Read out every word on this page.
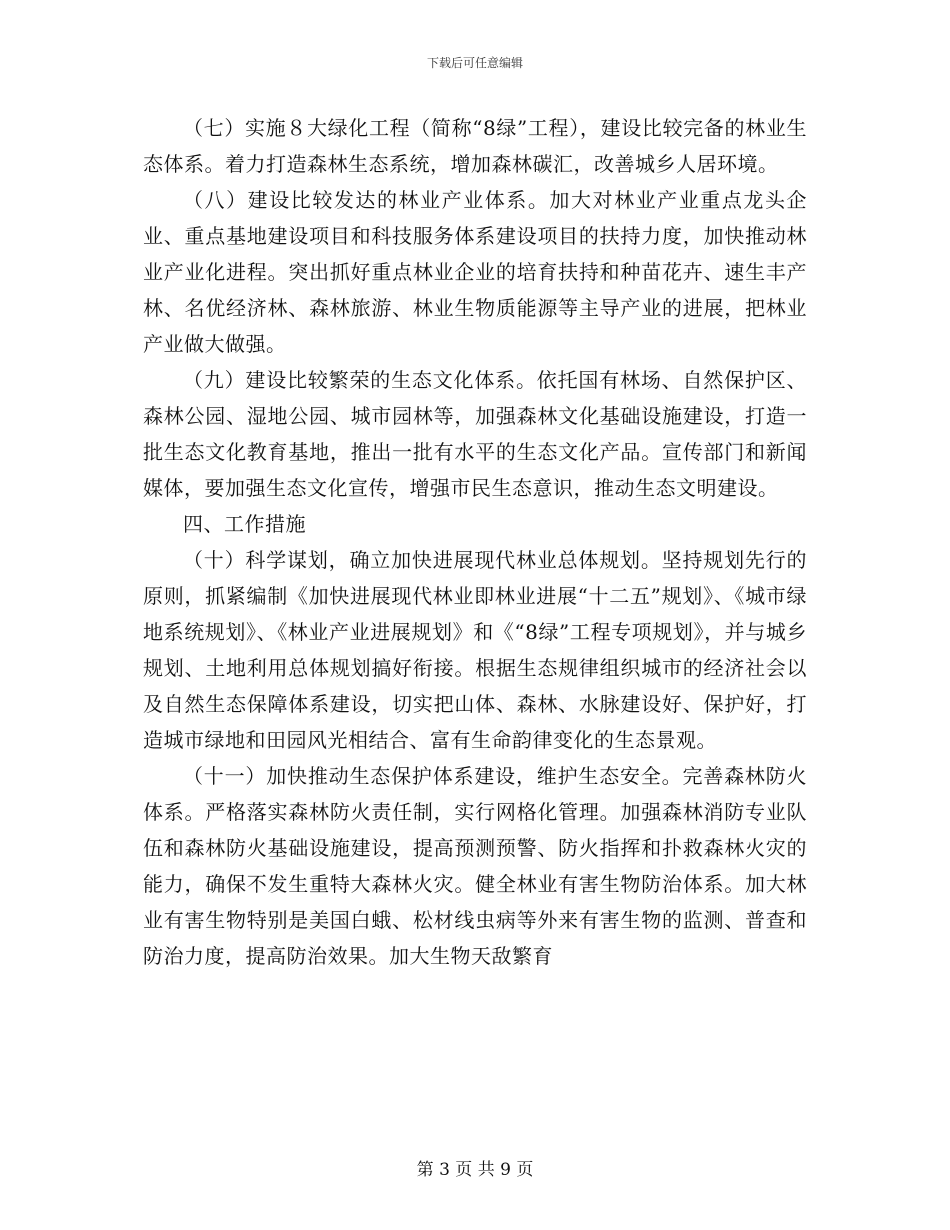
下载后可任意编辑

（七）实施８大绿化工程（简称“8绿”工程），建设比较完备的林业生态体系。着力打造森林生态系统，增加森林碳汇，改善城乡人居环境。

（八）建设比较发达的林业产业体系。加大对林业产业重点龙头企业、重点基地建设项目和科技服务体系建设项目的扶持力度，加快推动林业产业化进程。突出抓好重点林业企业的培育扶持和种苗花卉、速生丰产林、名优经济林、森林旅游、林业生物质能源等主导产业的进展，把林业产业做大做强。

（九）建设比较繁荣的生态文化体系。依托国有林场、自然保护区、森林公园、湿地公园、城市园林等，加强森林文化基础设施建设，打造一批生态文化教育基地，推出一批有水平的生态文化产品。宣传部门和新闻媒体，要加强生态文化宣传，增强市民生态意识，推动生态文明建设。

四、工作措施

（十）科学谋划，确立加快进展现代林业总体规划。坚持规划先行的原则，抓紧编制《加快进展现代林业即林业进展“十二五”规划》、《城市绿地系统规划》、《林业产业进展规划》和《“8绿”工程专项规划》，并与城乡规划、土地利用总体规划搞好衔接。根据生态规律组织城市的经济社会以及自然生态保障体系建设，切实把山体、森林、水脉建设好、保护好，打造城市绿地和田园风光相结合、富有生命韵律变化的生态景观。

（十一）加快推动生态保护体系建设，维护生态安全。完善森林防火体系。严格落实森林防火责任制，实行网格化管理。加强森林消防专业队伍和森林防火基础设施建设，提高预测预警、防火指挥和扑救森林火灾的能力，确保不发生重特大森林火灾。健全林业有害生物防治体系。加大林业有害生物特别是美国白蛾、松材线虫病等外来有害生物的监测、普查和防治力度，提高防治效果。加大生物天敌繁育

第 3 页 共 9 页
